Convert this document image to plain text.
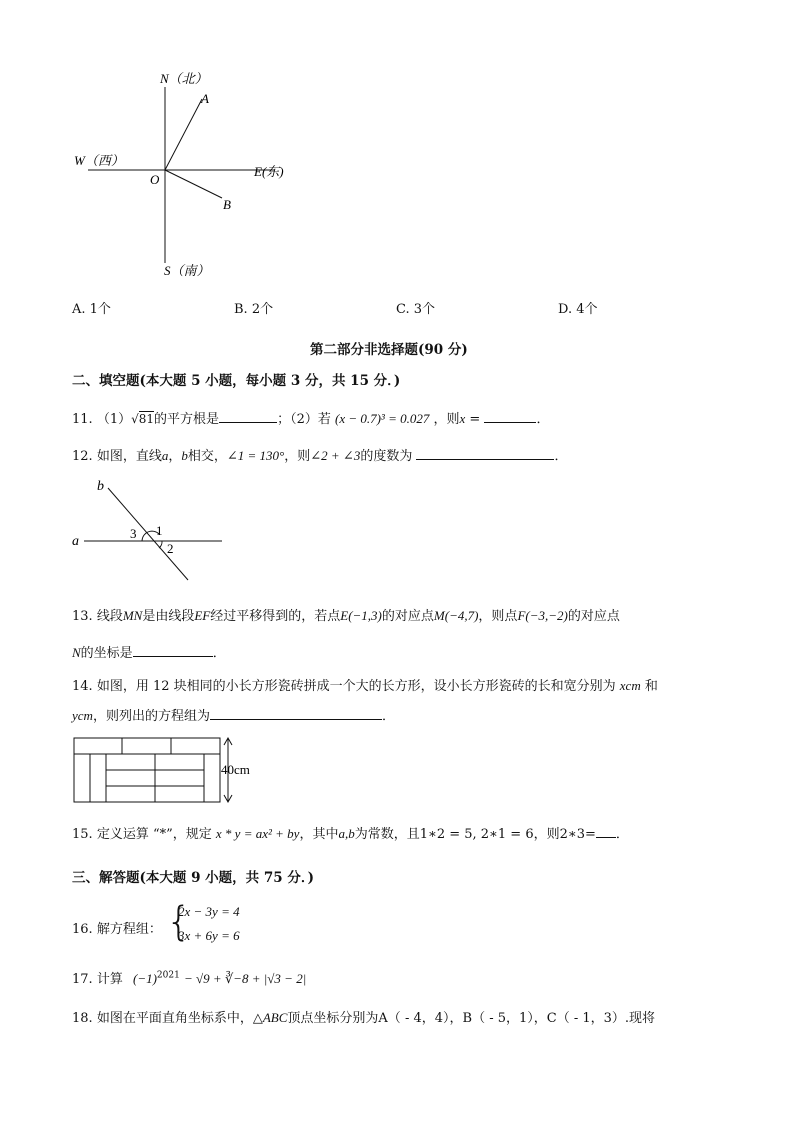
N（北）
A
W（西）
O
E(东)
B
S（南）
A. 1个	B. 2个	C. 3个	D. 4个
第二部分非选择题(90 分)
二、填空题(本大题 5 小题，每小题 3 分，共 15 分．)
11. （1）√81的平方根是	；（2）若 (x − 0.7)³ = 0.027 ，则x =	．
12. 如图，直线a，b相交，∠1 = 130°，则∠2 + ∠3的度数为	．
b
a
1
2
3
13. 线段MN是由线段EF经过平移得到的，若点E(−1,3)的对应点M(−4,7)，则点F(−3,−2)的对应点
N的坐标是	．
14. 如图，用 12 块相同的小长方形瓷砖拼成一个大的长方形，设小长方形瓷砖的长和宽分别为 xcm 和
ycm，则列出的方程组为	．
40cm
15. 定义运算 “*”，规定 x * y = ax² + by，其中a,b为常数，且1∗2 = 5, 2∗1 = 6，则2∗3= ．
三、解答题(本大题 9 小题，共 75 分．)
16. 解方程组： {
2x − 3y = 4
3x + 6y = 6
17. 计算 $(-1)^{2021} - √9$ + ∛−8 + |√3 − 2|
18. 如图在平面直角坐标系中，△ABC顶点坐标分别为A（ - 4，4），B（ - 5，1），C（ - 1，3）.现将
